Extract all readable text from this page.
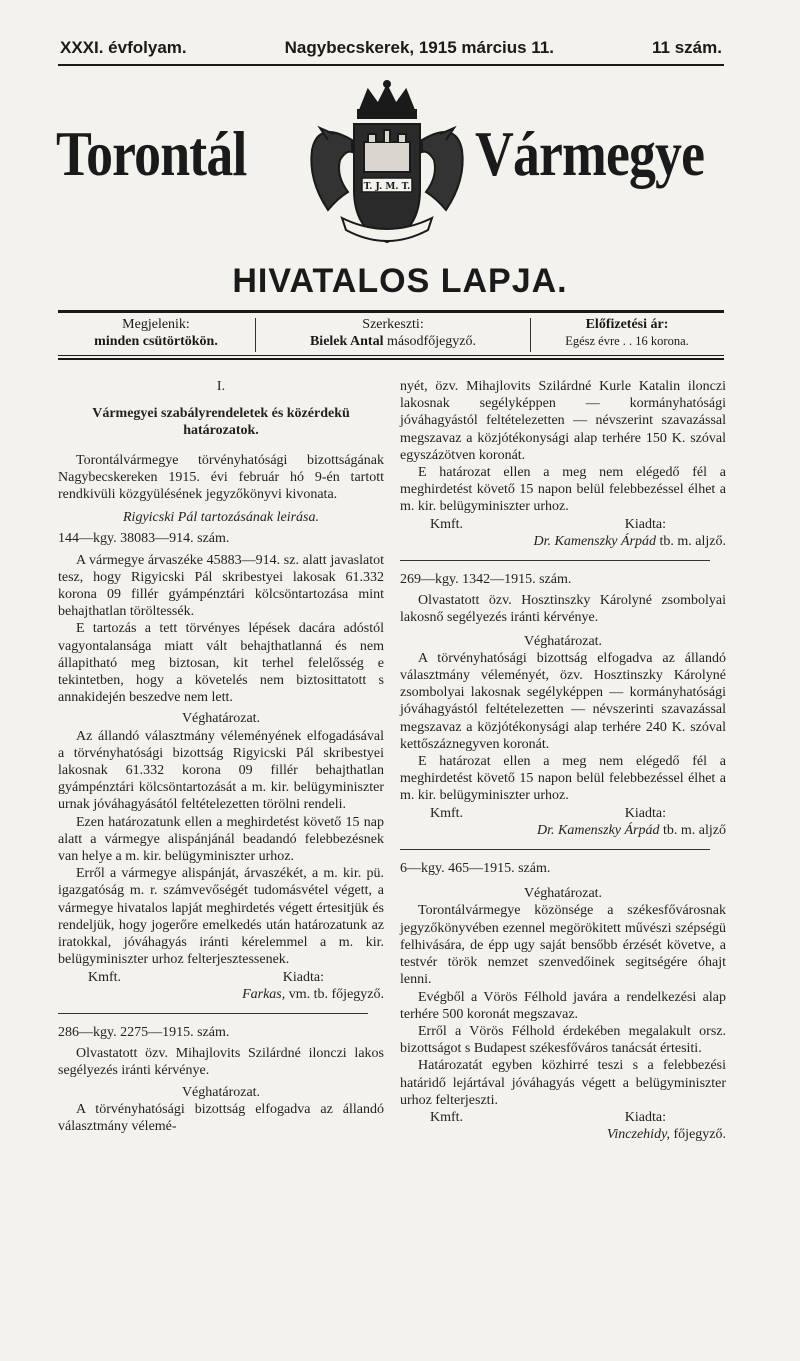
XXXI. évfolyam.	Nagybecskerek, 1915 március 11.	11 szám.
Torontál	Vármegye
T. J. M. T.
HIVATALOS LAPJA.
Megjelenik:
minden csütörtökön.
Szerkeszti:
Bielek Antal másodfőjegyző.
Előfizetési ár:
Egész évre . . 16 korona.

I.

Vármegyei szabályrendeletek és közérdekü határozatok.

Torontálvármegye törvényhatósági bizottságának Nagybecskereken 1915. évi február hó 9-én tartott rendkivüli közgyülésének jegyzőkönyvi kivonata.

Rigyicski Pál tartozásának leirása.

144—kgy. 38083—914. szám.

A vármegye árvaszéke 45883—914. sz. alatt javaslatot tesz, hogy Rigyicski Pál skribestyei lakosak 61.332 korona 09 fillér gyámpénztári kölcsöntartozása mint behajthatlan töröltessék.

E tartozás a tett törvényes lépések dacára adóstól vagyontalansága miatt vált behajthatlanná és nem állapitható meg biztosan, kit terhel felelősség e tekintetben, hogy a követelés nem biztosittatott s annakidején beszedve nem lett.

Véghatározat.

Az állandó választmány véleményének elfogadásával a törvényhatósági bizottság Rigyicski Pál skribestyei lakosnak 61.332 korona 09 fillér behajthatlan gyámpénztári kölcsöntartozását a m. kir. belügyminiszter urnak jóváhagyásától feltételezetten törölni rendeli.

Ezen határozatunk ellen a meghirdetést követő 15 nap alatt a vármegye alispánjánál beadandó felebbezésnek van helye a m. kir. belügyminiszter urhoz.

Erről a vármegye alispánját, árvaszékét, a m. kir. pü. igazgatóság m. r. számvevőségét tudomásvétel végett, a vármegye hivatalos lapját meghirdetés végett értesitjük és rendeljük, hogy jogerőre emelkedés után határozatunk az iratokkal, jóváhagyás iránti kérelemmel a m. kir. belügyminiszter urhoz felterjesztessenek.

Kmft.	Kiadta:

Farkas, vm. tb. főjegyző.

286—kgy. 2275—1915. szám.

Olvastatott özv. Mihajlovits Szilárdné ilonczi lakos segélyezés iránti kérvénye.

Véghatározat.

A törvényhatósági bizottság elfogadva az állandó választmány vélemé-

nyét, özv. Mihajlovits Szilárdné Kurle Katalin ilonczi lakosnak segélyképpen — kormányhatósági jóváhagyástól feltételezetten — névszerint szavazással megszavaz a közjótékonysági alap terhére 150 K. szóval egyszázötven koronát.

E határozat ellen a meg nem elégedő fél a meghirdetést követő 15 napon belül felebbezéssel élhet a m. kir. belügyminiszter urhoz.

Kmft.	Kiadta:

Dr. Kamenszky Árpád tb. m. aljző.

269—kgy. 1342—1915. szám.

Olvastatott özv. Hosztinszky Károlyné zsombolyai lakosnő segélyezés iránti kérvénye.

Véghatározat.

A törvényhatósági bizottság elfogadva az állandó választmány véleményét, özv. Hosztinszky Károlyné zsombolyai lakosnak segélyképpen — kormányhatósági jóváhagyástól feltételezetten — névszerinti szavazással megszavaz a közjótékonysági alap terhére 240 K. szóval kettőszáznegyven koronát.

E határozat ellen a meg nem elégedő fél a meghirdetést követő 15 napon belül felebbezéssel élhet a m. kir. belügyminiszter urhoz.

Kmft.	Kiadta:

Dr. Kamenszky Árpád tb. m. aljző

6—kgy. 465—1915. szám.

Véghatározat.

Torontálvármegye közönsége a székesfővárosnak jegyzőkönyvében ezennel megörökitett művészi szépségü felhivására, de épp ugy saját bensőbb érzését követve, a testvér török nemzet szenvedőinek segitségére óhajt lenni.

Evégből a Vörös Félhold javára a rendelkezési alap terhére 500 koronát megszavaz.

Erről a Vörös Félhold érdekében megalakult orsz. bizottságot s Budapest székesfőváros tanácsát értesiti.

Határozatát egyben közhirré teszi s a felebbezési határidő lejártával jóváhagyás végett a belügyminiszter urhoz felterjeszti.

Kmft.	Kiadta:

Vinczehidy, főjegyző.
